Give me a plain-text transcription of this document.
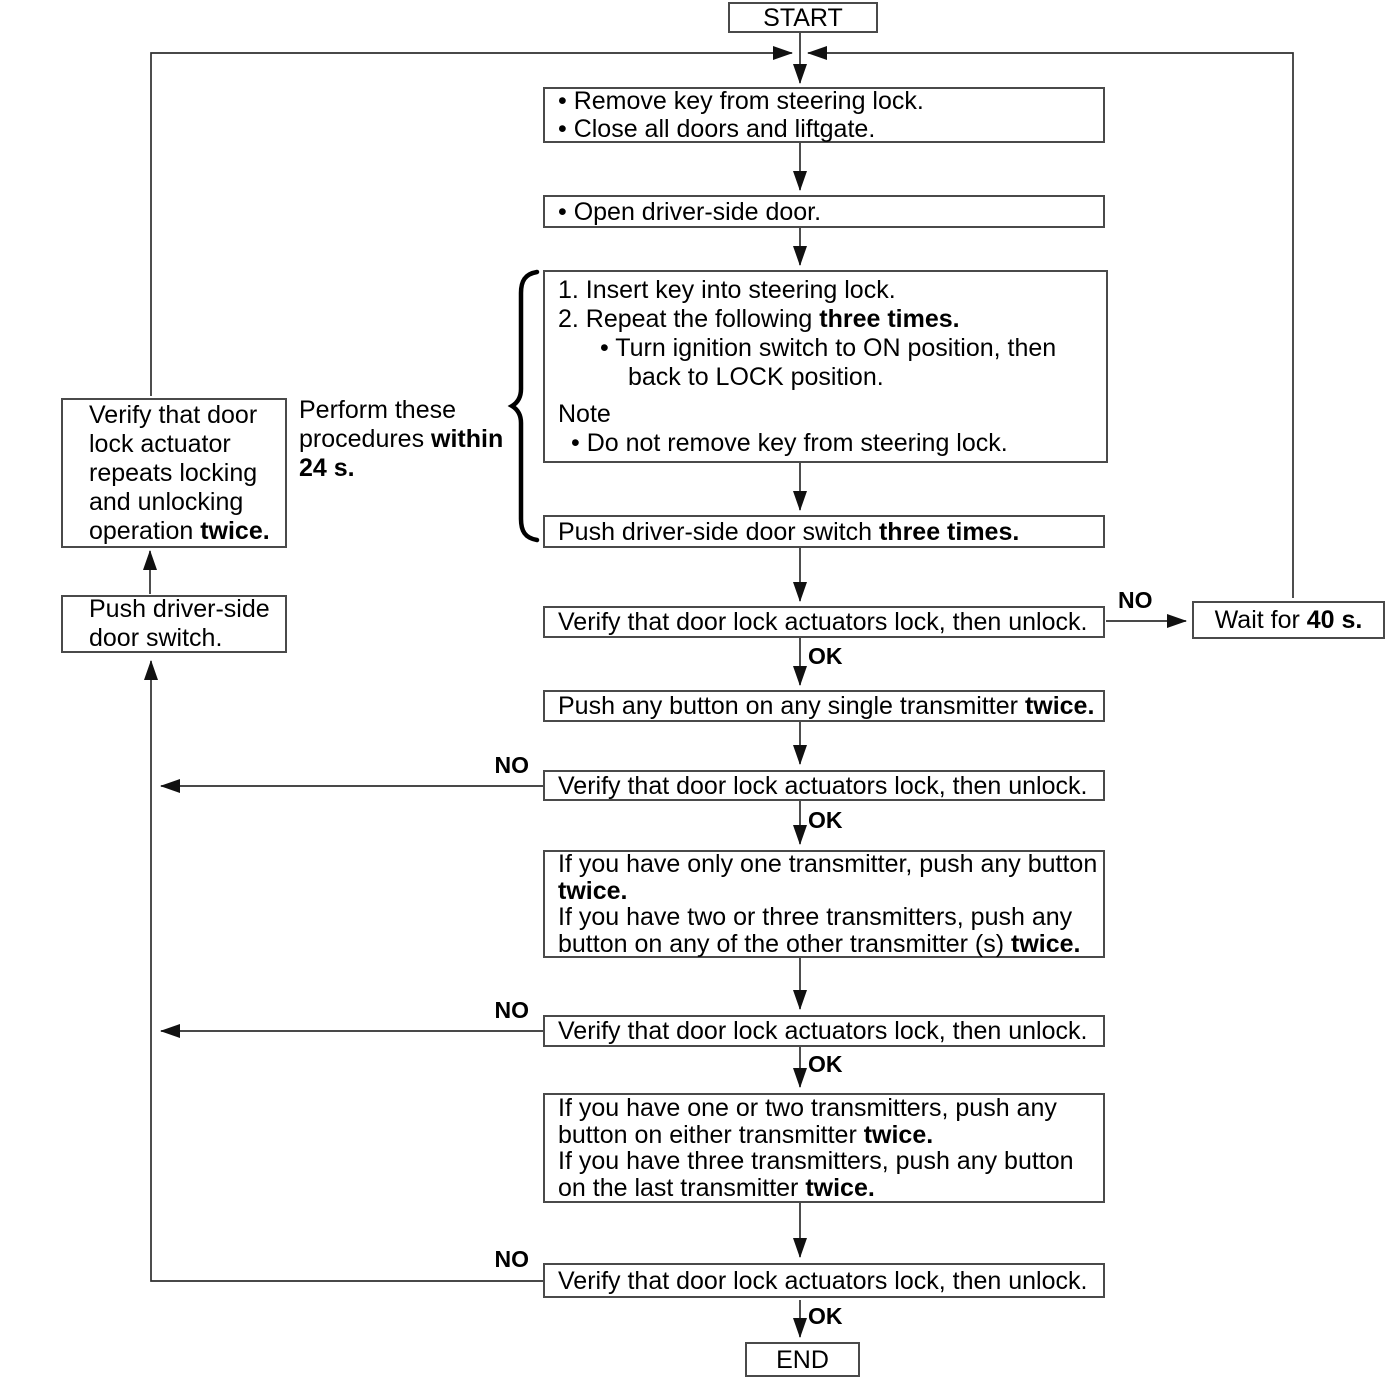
START
• Remove key from steering lock.
• Close all doors and liftgate.
• Open driver-side door.
1. Insert key into steering lock.
2. Repeat the following three times.
• Turn ignition switch to ON position, then
back to LOCK position.
Note
• Do not remove key from steering lock.
Push driver-side door switch three times.
Verify that door lock actuators lock, then unlock.	Wait for 40 s.
Push any button on any single transmitter twice.
Verify that door lock actuators lock, then unlock.
If you have only one transmitter, push any button
twice.
If you have two or three transmitters, push any
button on any of the other transmitter (s) twice.
Verify that door lock actuators lock, then unlock.
If you have one or two transmitters, push any
button on either transmitter twice.
If you have three transmitters, push any button
on the last transmitter twice.
Verify that door lock actuators lock, then unlock.
END
Verify that door
lock actuator
repeats locking
and unlocking
operation twice.
Push driver-side
door switch.
Perform these
procedures within
24 s.
NO
OK
NO
OK
NO
OK
NO
OK
